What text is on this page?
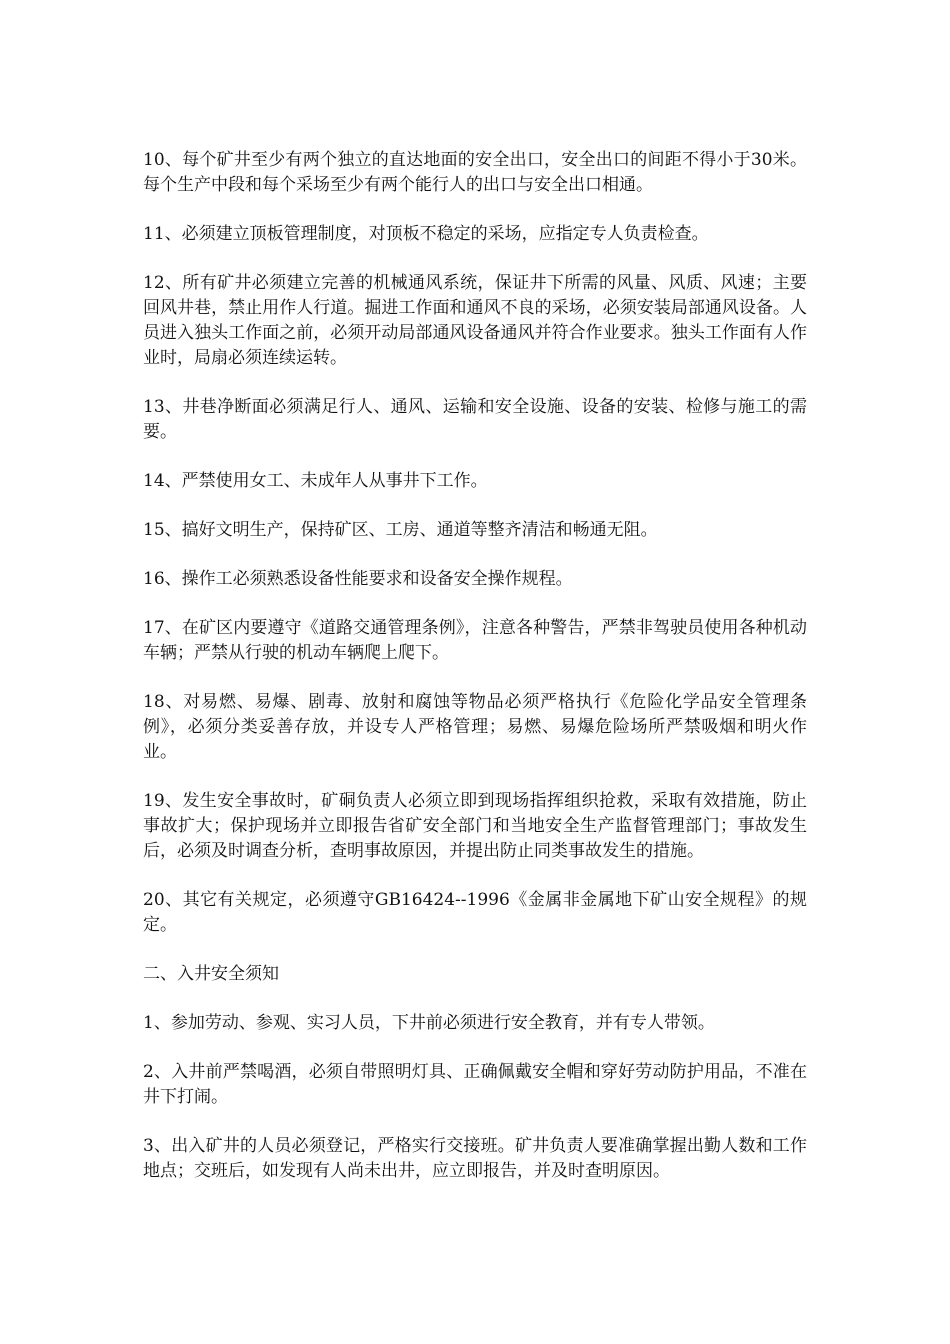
10、每个矿井至少有两个独立的直达地面的安全出口，安全出口的间距不得小于30米。每个生产中段和每个采场至少有两个能行人的出口与安全出口相通。

11、必须建立顶板管理制度，对顶板不稳定的采场，应指定专人负责检查。

12、所有矿井必须建立完善的机械通风系统，保证井下所需的风量、风质、风速；主要回风井巷，禁止用作人行道。掘进工作面和通风不良的采场，必须安装局部通风设备。人员进入独头工作面之前，必须开动局部通风设备通风并符合作业要求。独头工作面有人作业时，局扇必须连续运转。

13、井巷净断面必须满足行人、通风、运输和安全设施、设备的安装、检修与施工的需要。

14、严禁使用女工、未成年人从事井下工作。

15、搞好文明生产，保持矿区、工房、通道等整齐清洁和畅通无阻。

16、操作工必须熟悉设备性能要求和设备安全操作规程。

17、在矿区内要遵守《道路交通管理条例》，注意各种警告，严禁非驾驶员使用各种机动车辆；严禁从行驶的机动车辆爬上爬下。

18、对易燃、易爆、剧毒、放射和腐蚀等物品必须严格执行《危险化学品安全管理条例》，必须分类妥善存放，并设专人严格管理；易燃、易爆危险场所严禁吸烟和明火作业。

19、发生安全事故时，矿硐负责人必须立即到现场指挥组织抢救，采取有效措施，防止事故扩大；保护现场并立即报告省矿安全部门和当地安全生产监督管理部门；事故发生后，必须及时调查分析，查明事故原因，并提出防止同类事故发生的措施。

20、其它有关规定，必须遵守GB16424--1996《金属非金属地下矿山安全规程》的规定。

二、入井安全须知

1、参加劳动、参观、实习人员，下井前必须进行安全教育，并有专人带领。

2、入井前严禁喝酒，必须自带照明灯具、正确佩戴安全帽和穿好劳动防护用品，不准在井下打闹。

3、出入矿井的人员必须登记，严格实行交接班。矿井负责人要准确掌握出勤人数和工作地点；交班后，如发现有人尚未出井，应立即报告，并及时查明原因。
